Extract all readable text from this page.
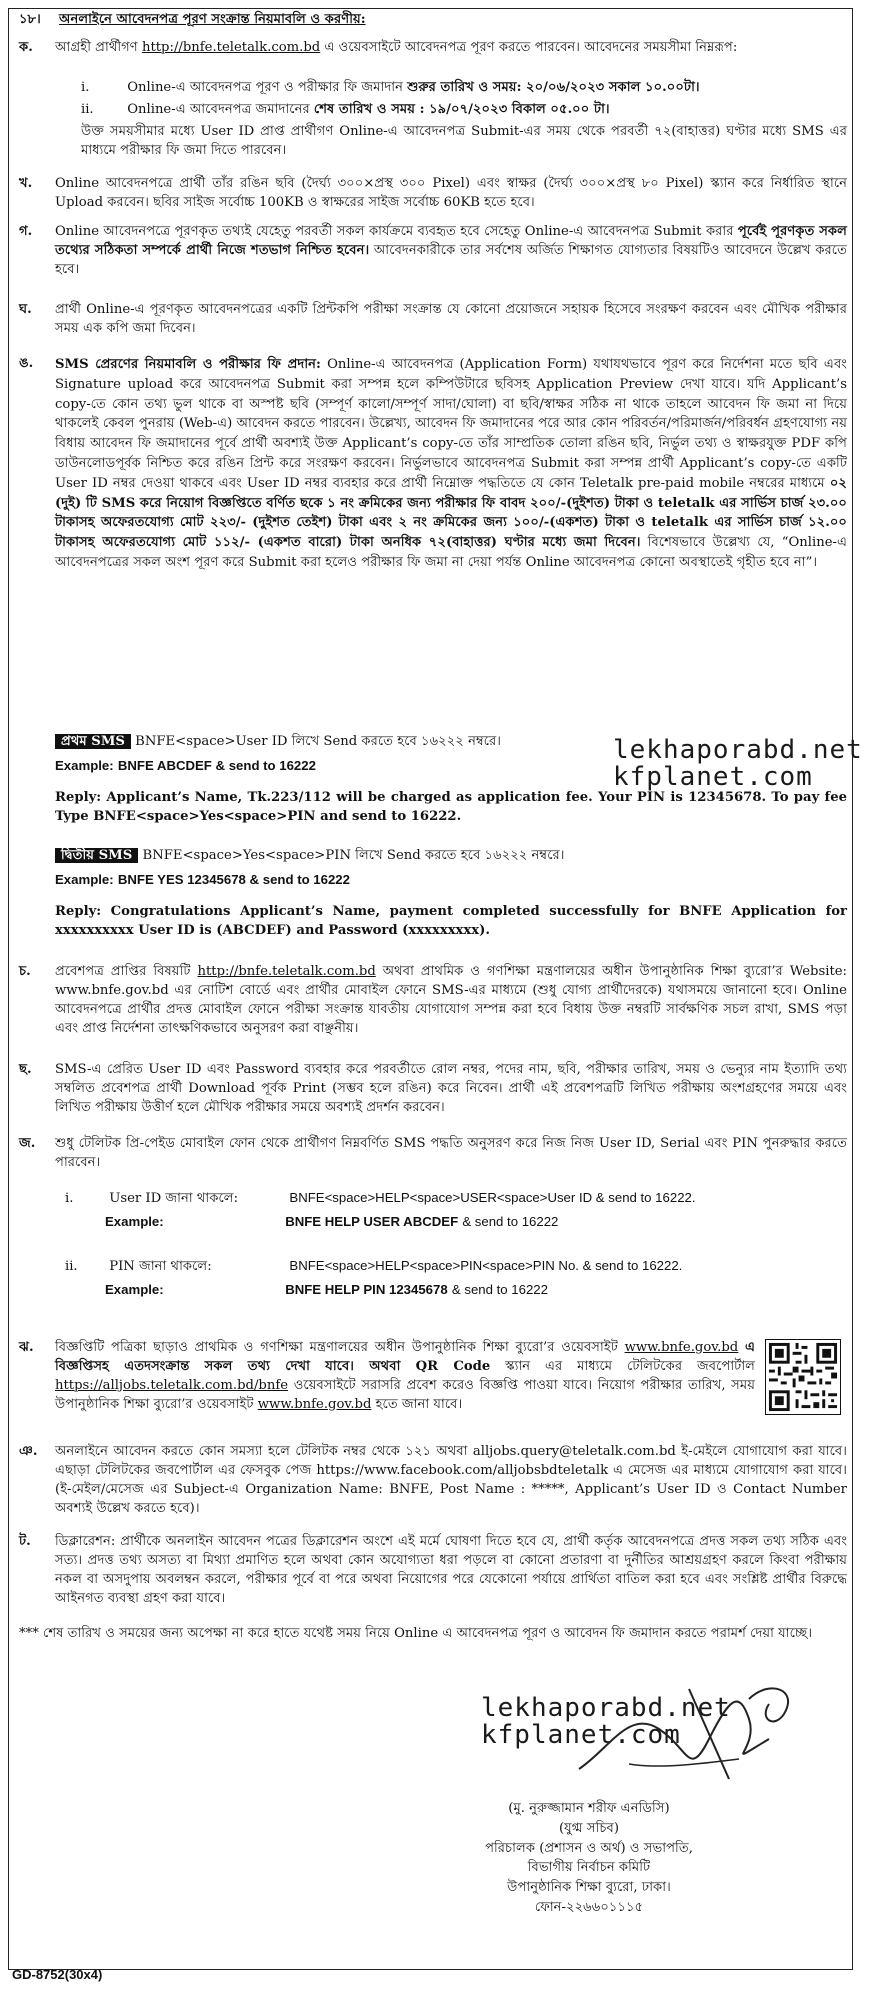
১৮। অনলাইনে আবেদনপত্র পূরণ সংক্রান্ত নিয়মাবলি ও করণীয়:
ক.	আগ্রহী প্রার্থীগণ http://bnfe.teletalk.com.bd এ ওয়েবসাইটে আবেদনপত্র পূরণ করতে পারবেন। আবেদনের সময়সীমা নিম্নরূপ:
i.	Online-এ আবেদনপত্র পূরণ ও পরীক্ষার ফি জমাদান শুরুর তারিখ ও সময়: ২০/০৬/২০২৩ সকাল ১০.০০টা।
ii.	Online-এ আবেদনপত্র জমাদানের শেষ তারিখ ও সময় : ১৯/০৭/২০২৩ বিকাল ০৫.০০ টা।
উক্ত সময়সীমার মধ্যে User ID প্রাপ্ত প্রার্থীগণ Online-এ আবেদনপত্র Submit-এর সময় থেকে পরবর্তী ৭২(বাহাত্তর) ঘণ্টার মধ্যে SMS এর মাধ্যমে পরীক্ষার ফি জমা দিতে পারবেন।
খ.	Online আবেদনপত্রে প্রার্থী তাঁর রঙিন ছবি (দৈর্ঘ্য ৩০০×প্রস্থ ৩০০ Pixel) এবং স্বাক্ষর (দৈর্ঘ্য ৩০০×প্রস্থ ৮০ Pixel) স্ক্যান করে নির্ধারিত স্থানে Upload করবেন। ছবির সাইজ সর্বোচ্চ 100KB ও স্বাক্ষরের সাইজ সর্বোচ্চ 60KB হতে হবে।
গ.	Online আবেদনপত্রে পূরণকৃত তথ্যই যেহেতু পরবর্তী সকল কার্যক্রমে ব্যবহৃত হবে সেহেতু Online-এ আবেদনপত্র Submit করার পূর্বেই পূরণকৃত সকল তথ্যের সঠিকতা সম্পর্কে প্রার্থী নিজে শতভাগ নিশ্চিত হবেন। আবেদনকারীকে তার সর্বশেষ অর্জিত শিক্ষাগত যোগ্যতার বিষয়টিও আবেদনে উল্লেখ করতে হবে।
ঘ.	প্রার্থী Online-এ পূরণকৃত আবেদনপত্রের একটি প্রিন্টকপি পরীক্ষা সংক্রান্ত যে কোনো প্রয়োজনে সহায়ক হিসেবে সংরক্ষণ করবেন এবং মৌখিক পরীক্ষার সময় এক কপি জমা দিবেন।
ঙ.	SMS প্রেরণের নিয়মাবলি ও পরীক্ষার ফি প্রদান: Online-এ আবেদনপত্র (Application Form) যথাযথভাবে পূরণ করে নির্দেশনা মতে ছবি এবং Signature upload করে আবেদনপত্র Submit করা সম্পন্ন হলে কম্পিউটারে ছবিসহ Application Preview দেখা যাবে। যদি Applicant’s copy-তে কোন তথ্য ভুল থাকে বা অস্পষ্ট ছবি (সম্পূর্ণ কালো/সম্পূর্ণ সাদা/ঘোলা) বা ছবি/স্বাক্ষর সঠিক না থাকে তাহলে আবেদন ফি জমা না দিয়ে থাকলেই কেবল পুনরায় (Web-এ) আবেদন করতে পারবেন। উল্লেখ্য, আবেদন ফি জমাদানের পরে আর কোন পরিবর্তন/পরিমার্জন/পরিবর্ধন গ্রহণযোগ্য নয় বিধায় আবেদন ফি জমাদানের পূর্বে প্রার্থী অবশ্যই উক্ত Applicant’s copy-তে তাঁর সাম্প্রতিক তোলা রঙিন ছবি, নির্ভুল তথ্য ও স্বাক্ষরযুক্ত PDF কপি ডাউনলোডপূর্বক নিশ্চিত করে রঙিন প্রিন্ট করে সংরক্ষণ করবেন। নির্ভুলভাবে আবেদনপত্র Submit করা সম্পন্ন প্রার্থী Applicant’s copy-তে একটি User ID নম্বর দেওয়া থাকবে এবং User ID নম্বর ব্যবহার করে প্রার্থী নিম্নোক্ত পদ্ধতিতে যে কোন Teletalk pre-paid mobile নম্বরের মাধ্যমে ০২ (দুই) টি SMS করে নিয়োগ বিজ্ঞপ্তিতে বর্ণিত ছকে ১ নং ক্রমিকের জন্য পরীক্ষার ফি বাবদ ২০০/-(দুইশত) টাকা ও teletalk এর সার্ভিস চার্জ ২৩.০০ টাকাসহ অফেরতযোগ্য মোট ২২৩/- (দুইশত তেইশ) টাকা এবং ২ নং ক্রমিকের জন্য ১০০/-(একশত) টাকা ও teletalk এর সার্ভিস চার্জ ১২.০০ টাকাসহ অফেরতযোগ্য মোট ১১২/- (একশত বারো) টাকা অনধিক ৭২(বাহাত্তর) ঘণ্টার মধ্যে জমা দিবেন। বিশেষভাবে উল্লেখ্য যে, “Online-এ আবেদনপত্রের সকল অংশ পূরণ করে Submit করা হলেও পরীক্ষার ফি জমা না দেয়া পর্যন্ত Online আবেদনপত্র কোনো অবস্থাতেই গৃহীত হবে না”।
প্রথম SMS BNFE<space>User ID লিখে Send করতে হবে ১৬২২২ নম্বরে।
Example: BNFE ABCDEF & send to 16222
Reply: Applicant’s Name, Tk.223/112 will be charged as application fee. Your PIN is 12345678. To pay fee Type BNFE<space>Yes<space>PIN and send to 16222.
দ্বিতীয় SMS BNFE<space>Yes<space>PIN লিখে Send করতে হবে ১৬২২২ নম্বরে।
Example: BNFE YES 12345678 & send to 16222
Reply: Congratulations Applicant’s Name, payment completed successfully for BNFE Application for xxxxxxxxxx User ID is (ABCDEF) and Password (xxxxxxxxx).
lekhaporabd.net
kfplanet.com
চ.	প্রবেশপত্র প্রাপ্তির বিষয়টি http://bnfe.teletalk.com.bd অথবা প্রাথমিক ও গণশিক্ষা মন্ত্রণালয়ের অধীন উপানুষ্ঠানিক শিক্ষা ব্যুরো’র Website: www.bnfe.gov.bd এর নোটিশ বোর্ডে এবং প্রার্থীর মোবাইল ফোনে SMS-এর মাধ্যমে (শুধু যোগ্য প্রার্থীদেরকে) যথাসময়ে জানানো হবে। Online আবেদনপত্রে প্রার্থীর প্রদত্ত মোবাইল ফোনে পরীক্ষা সংক্রান্ত যাবতীয় যোগাযোগ সম্পন্ন করা হবে বিধায় উক্ত নম্বরটি সার্বক্ষণিক সচল রাখা, SMS পড়া এবং প্রাপ্ত নির্দেশনা তাৎক্ষণিকভাবে অনুসরণ করা বাঞ্ছনীয়।
ছ.	SMS-এ প্রেরিত User ID এবং Password ব্যবহার করে পরবর্তীতে রোল নম্বর, পদের নাম, ছবি, পরীক্ষার তারিখ, সময় ও ভেন্যুর নাম ইত্যাদি তথ্য সম্বলিত প্রবেশপত্র প্রার্থী Download পূর্বক Print (সম্ভব হলে রঙিন) করে নিবেন। প্রার্থী এই প্রবেশপত্রটি লিখিত পরীক্ষায় অংশগ্রহণের সময়ে এবং লিখিত পরীক্ষায় উত্তীর্ণ হলে মৌখিক পরীক্ষার সময়ে অবশ্যই প্রদর্শন করবেন।
জ.	শুধু টেলিটক প্রি-পেইড মোবাইল ফোন থেকে প্রার্থীগণ নিম্নবর্ণিত SMS পদ্ধতি অনুসরণ করে নিজ নিজ User ID, Serial এবং PIN পুনরুদ্ধার করতে পারবেন।
i.	User ID জানা থাকলে:	BNFE<space>HELP<space>USER<space>User ID & send to 16222.
Example:	BNFE HELP USER ABCDEF & send to 16222
ii. PIN জানা থাকলে:	BNFE<space>HELP<space>PIN<space>PIN No. & send to 16222.
Example:	BNFE HELP PIN 12345678 & send to 16222
ঝ.	বিজ্ঞপ্তিটি পত্রিকা ছাড়াও প্রাথমিক ও গণশিক্ষা মন্ত্রণালয়ের অধীন উপানুষ্ঠানিক শিক্ষা ব্যুরো’র ওয়েবসাইট www.bnfe.gov.bd এ বিজ্ঞপ্তিসহ এতদসংক্রান্ত সকল তথ্য দেখা যাবে। অথবা QR Code স্ক্যান এর মাধ্যমে টেলিটকের জবপোর্টাল https://alljobs.teletalk.com.bd/bnfe ওয়েবসাইটে সরাসরি প্রবেশ করেও বিজ্ঞপ্তি পাওয়া যাবে। নিয়োগ পরীক্ষার তারিখ, সময় উপানুষ্ঠানিক শিক্ষা ব্যুরো’র ওয়েবসাইট www.bnfe.gov.bd হতে জানা যাবে।
ঞ.	অনলাইনে আবেদন করতে কোন সমস্যা হলে টেলিটক নম্বর থেকে ১২১ অথবা alljobs.query@teletalk.com.bd ই-মেইলে যোগাযোগ করা যাবে। এছাড়া টেলিটকের জবপোর্টাল এর ফেসবুক পেজ https://www.facebook.com/alljobsbdteletalk এ মেসেজ এর মাধ্যমে যোগাযোগ করা যাবে। (ই-মেইল/মেসেজ এর Subject-এ Organization Name: BNFE, Post Name : *****, Applicant’s User ID ও Contact Number অবশ্যই উল্লেখ করতে হবে)।
ট.	ডিক্লারেশন: প্রার্থীকে অনলাইন আবেদন পত্রের ডিক্লারেশন অংশে এই মর্মে ঘোষণা দিতে হবে যে, প্রার্থী কর্তৃক আবেদনপত্রে প্রদত্ত সকল তথ্য সঠিক এবং সত্য। প্রদত্ত তথ্য অসত্য বা মিথ্যা প্রমাণিত হলে অথবা কোন অযোগ্যতা ধরা পড়লে বা কোনো প্রতারণা বা দুর্নীতির আশ্রয়গ্রহণ করলে কিংবা পরীক্ষায় নকল বা অসদুপায় অবলম্বন করলে, পরীক্ষার পূর্বে বা পরে অথবা নিয়োগের পরে যেকোনো পর্যায়ে প্রার্থিতা বাতিল করা হবে এবং সংশ্লিষ্ট প্রার্থীর বিরুদ্ধে আইনগত ব্যবস্থা গ্রহণ করা যাবে।
*** শেষ তারিখ ও সময়ের জন্য অপেক্ষা না করে হাতে যথেষ্ট সময় নিয়ে Online এ আবেদনপত্র পূরণ ও আবেদন ফি জমাদান করতে পরামর্শ দেয়া যাচ্ছে।
lekhaporabd.net
kfplanet.com
(মু. নুরুজ্জামান শরীফ এনডিসি)
(যুগ্ম সচিব)
পরিচালক (প্রশাসন ও অর্থ) ও সভাপতি,
বিভাগীয় নির্বাচন কমিটি
উপানুষ্ঠানিক শিক্ষা ব্যুরো, ঢাকা।
ফোন-২২৬৬০১১১৫
GD-8752(30x4)
